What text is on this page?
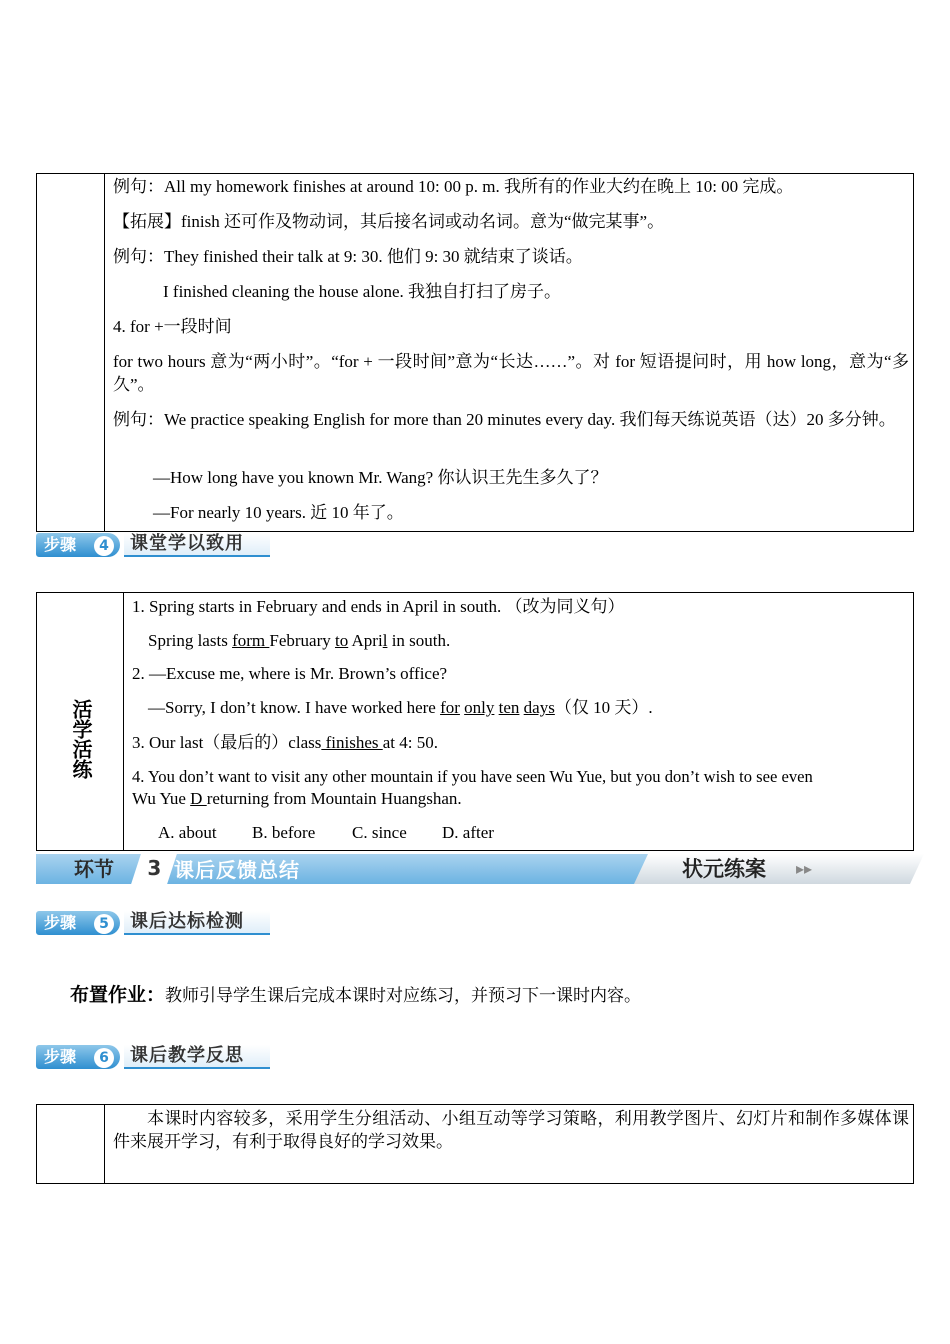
例句：All my homework finishes at around 10: 00 p. m. 我所有的作业大约在晚上 10: 00 完成。
【拓展】finish 还可作及物动词，其后接名词或动名词。意为“做完某事”。
例句：They finished their talk at 9: 30. 他们 9: 30 就结束了谈话。
I finished cleaning the house alone. 我独自打扫了房子。
4. for +一段时间
for two hours 意为“两小时”。“for + 一段时间”意为“长达……”。对 for 短语提问时，用 how long，意为“多久”。
例句：We practice speaking English for more than 20 minutes every day. 我们每天练说英语（达）20 多分钟。
—How long have you known Mr. Wang? 你认识王先生多久了？
—For nearly 10 years. 近 10 年了。
步骤	4 课堂学以致用
活学活练
1. Spring starts in February and ends in April in south. （改为同义句）
Spring lasts form February to April in south.
2. —Excuse me, where is Mr. Brown’s office?
—Sorry, I don’t know. I have worked here for only ten days（仅 10 天）.
3. Our last（最后的）class finishes at 4: 50.
4. You don’t want to visit any other mountain if you have seen Wu Yue, but you don’t wish to see even
Wu Yue D returning from Mountain Huangshan.
A. about B. before C. since D. after
环节	3 课后反馈总结	状元练案 ▸▸
步骤	5 课后达标检测
布置作业：教师引导学生课后完成本课时对应练习，并预习下一课时内容。
步骤	6 课后教学反思
本课时内容较多，采用学生分组活动、小组互动等学习策略，利用教学图片、幻灯片和制作多媒体课件来展开学习，有利于取得良好的学习效果。
